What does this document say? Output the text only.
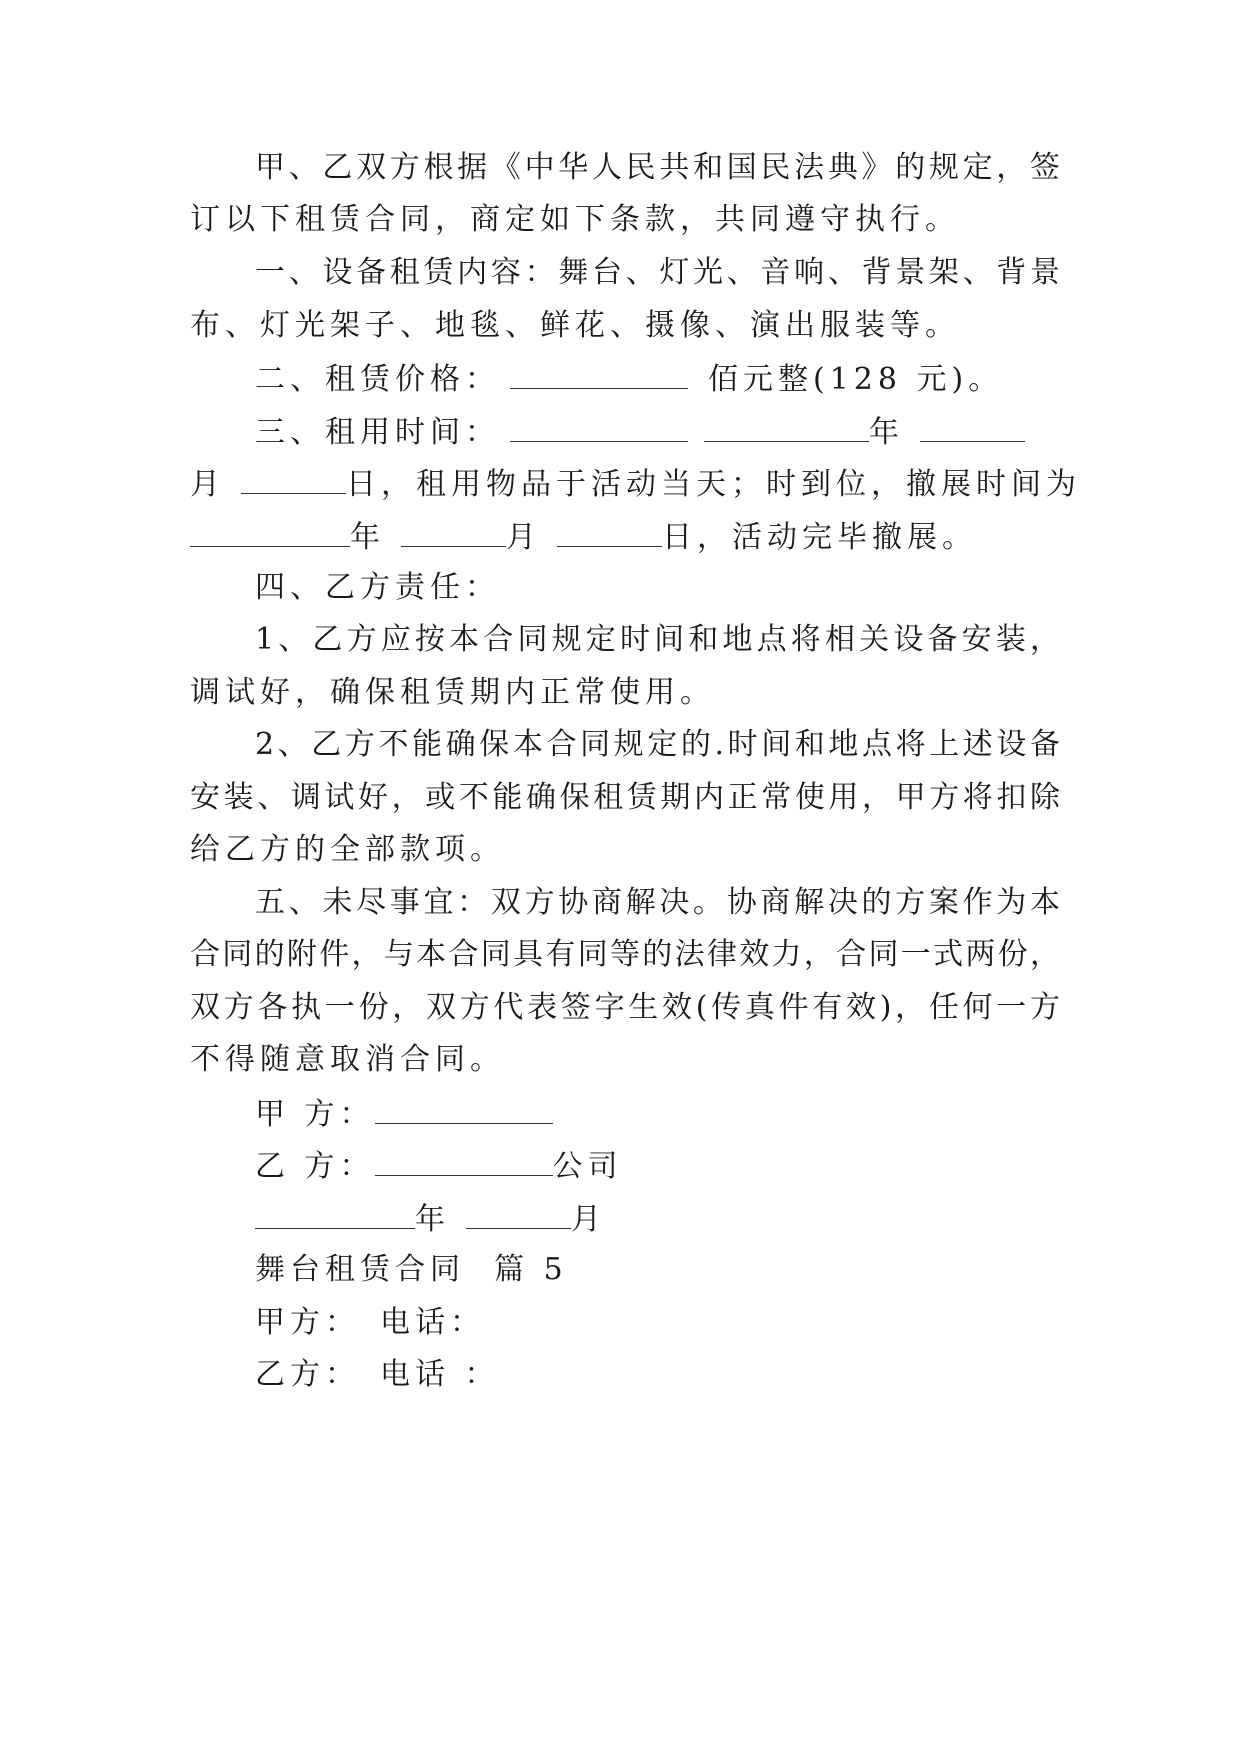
甲、乙双方根据《中华人民共和国民法典》的规定，签
订以下租赁合同，商定如下条款，共同遵守执行。
一、设备租赁内容：舞台、灯光、音响、背景架、背景
布、灯光架子、地毯、鲜花、摄像、演出服装等。
二、租赁价格：	佰元整(128 元)。
三、租用时间：	年
月	日，租用物品于活动当天；时到位，撤展时间为
年	月	日，活动完毕撤展。
四、乙方责任：
1、乙方应按本合同规定时间和地点将相关设备安装，
调试好，确保租赁期内正常使用。
2、乙方不能确保本合同规定的.时间和地点将上述设备
安装、调试好，或不能确保租赁期内正常使用，甲方将扣除
给乙方的全部款项。
五、未尽事宜：双方协商解决。协商解决的方案作为本
合同的附件，与本合同具有同等的法律效力，合同一式两份，
双方各执一份，双方代表签字生效(传真件有效)，任何一方
不得随意取消合同。
甲 方：
乙 方：	公司
年	月
舞台租赁合同  篇 5
甲方： 电话：
乙方： 电话 ：
